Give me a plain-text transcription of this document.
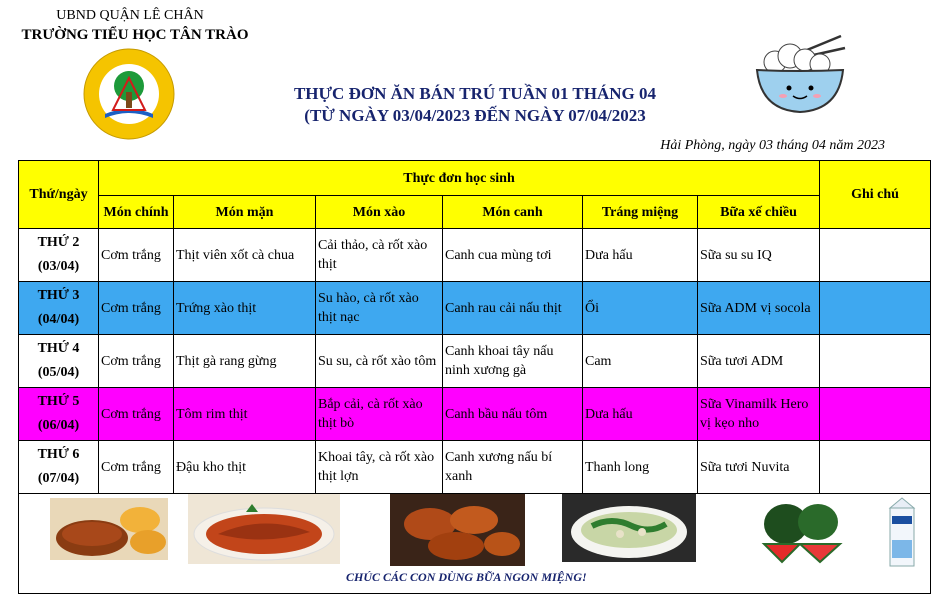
UBND QUẬN LÊ CHÂN
TRƯỜNG TIỂU HỌC TÂN TRÀO
THỰC ĐƠN ĂN BÁN TRÚ TUẦN 01 THÁNG 04
(TỪ NGÀY 03/04/2023 ĐẾN NGÀY 07/04/2023
Hải Phòng, ngày 03 tháng 04 năm 2023
Thứ/ngày	Thực đơn học sinh						Ghi chú
	Món chính	Món mặn	Món xào	Món canh	Tráng miệng	Bữa xế chiều	
THỨ 2
(03/04)	Cơm trắng	Thịt viên xốt cà chua	Cải thảo, cà rốt xào thịt	Canh cua mùng tơi	Dưa hấu	Sữa su su IQ	
THỨ 3
(04/04)	Cơm trắng	Trứng xào thịt	Su hào, cà rốt xào thịt nạc	Canh rau cải nấu thịt	Ổi	Sữa ADM vị socola	
THỨ 4
(05/04)	Cơm trắng	Thịt gà rang gừng	Su su, cà rốt xào tôm	Canh khoai tây nấu ninh xương gà	Cam	Sữa tươi ADM	
THỨ 5
(06/04)	Cơm trắng	Tôm rim thịt	Bắp cải, cà rốt xào thịt bò	Canh bầu nấu tôm	Dưa hấu	Sữa Vinamilk Hero vị kẹo nho	
THỨ 6
(07/04)	Cơm trắng	Đậu kho thịt	Khoai tây, cà rốt xào thịt lợn	Canh xương nấu bí xanh	Thanh long	Sữa tươi Nuvita	

CHÚC CÁC CON DÙNG BỮA NGON MIỆNG!
